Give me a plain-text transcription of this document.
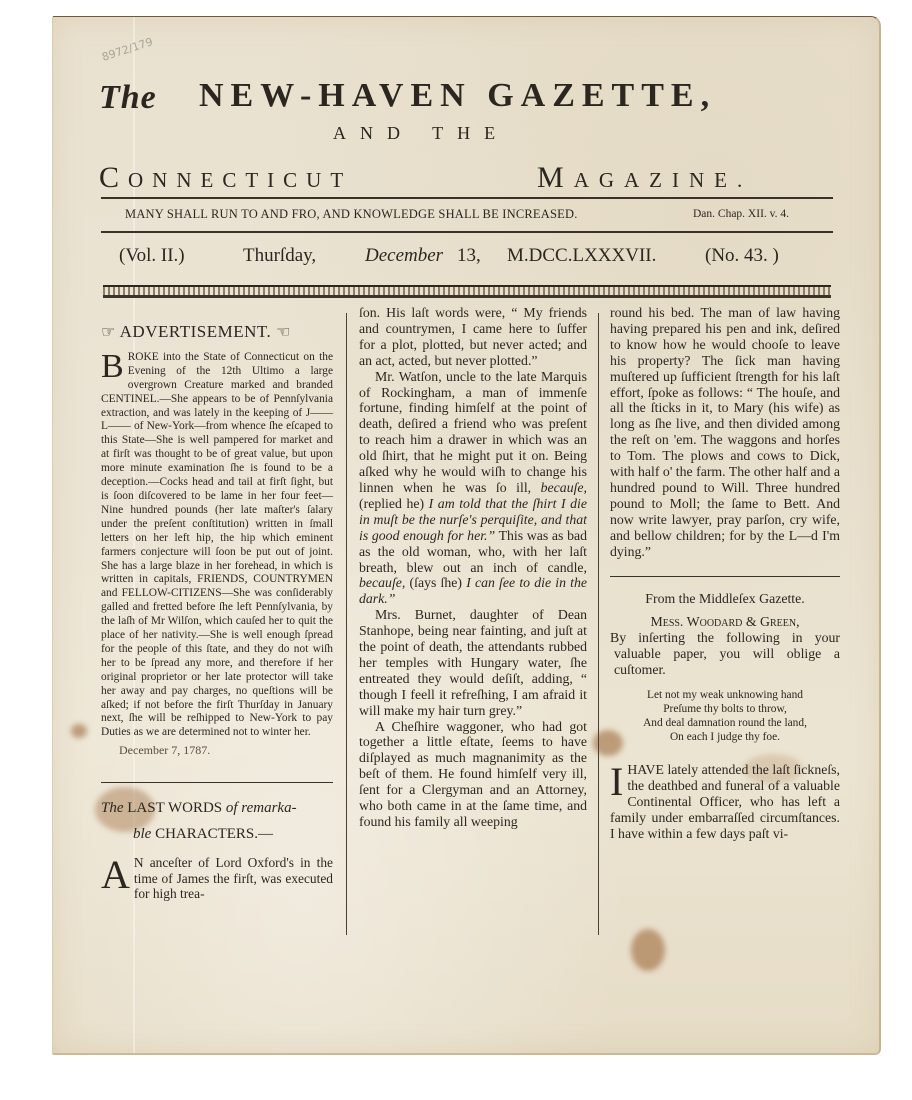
8972/179
The NEW-HAVEN GAZETTE,
AND THE
CONNECTICUT	MAGAZINE.
MANY SHALL RUN TO AND FRO, AND KNOWLEDGE SHALL BE INCREASED.	Dan. Chap. XII. v. 4.
(Vol. II.)	Thurſday,	December 13, M.DCC.LXXXVII.	(No. 43. )
☞ ADVERTISEMENT. ☜

BROKE into the State of Connecticut on the Evening of the 12th Ultimo a large overgrown Creature marked and branded CENTINEL.—She appears to be of Pennſylvania extraction, and was lately in the keeping of J—— L—— of New-York—from whence ſhe eſcaped to this State—She is well pampered for market and at firſt was thought to be of great value, but upon more minute examination ſhe is found to be a deception.—Cocks head and tail at firſt ſight, but is ſoon diſcovered to be lame in her four feet—Nine hundred pounds (her late maſter's ſalary under the preſent conſtitution) written in ſmall letters on her left hip, the hip which eminent farmers conjecture will ſoon be put out of joint. She has a large blaze in her forehead, in which is written in capitals, FRIENDS, COUNTRYMEN and FELLOW-CITIZENS—She was conſiderably galled and fretted before ſhe left Pennſylvania, by the laſh of Mr Wilſon, which cauſed her to quit the place of her nativity.—She is well enough ſpread for the people of this ſtate, and they do not wiſh her to be ſpread any more, and therefore if her original proprietor or her late protector will take her away and pay charges, no queſtions will be aſked; if not before the firſt Thurſday in January next, ſhe will be reſhipped to New-York to pay Duties as we are determined not to winter her.

December 7, 1787.

The LAST WORDS of remarka-
ble CHARACTERS.—

A N anceſter of Lord Oxford's in the time of James the firſt, was executed for high trea-

ſon. His laſt words were, “ My friends and countrymen, I came here to ſuffer for a plot, plotted, but never acted; and an act, acted, but never plotted.”

Mr. Watſon, uncle to the late Marquis of Rockingham, a man of immenſe fortune, finding himſelf at the point of death, deſired a friend who was preſent to reach him a drawer in which was an old ſhirt, that he might put it on. Being aſked why he would wiſh to change his linnen when he was ſo ill, becauſe, (replied he) I am told that the ſhirt I die in muſt be the nurſe's perquiſite, and that is good enough for her.” This was as bad as the old woman, who, with her laſt breath, blew out an inch of candle, becauſe, (ſays ſhe) I can ſee to die in the dark.”

Mrs. Burnet, daughter of Dean Stanhope, being near fainting, and juſt at the point of death, the attendants rubbed her temples with Hungary water, ſhe entreated they would deſiſt, adding, “ though I feell it refreſhing, I am afraid it will make my hair turn grey.”

A Cheſhire waggoner, who had got together a little eſtate, ſeems to have diſplayed as much magnanimity as the beſt of them. He found himſelf very ill, ſent for a Clergyman and an Attorney, who both came in at the ſame time, and found his family all weeping

round his bed. The man of law having having prepared his pen and ink, deſired to know how he would chooſe to leave his property? The ſick man having muſtered up ſufficient ſtrength for his laſt effort, ſpoke as follows: “ The houſe, and all the ſticks in it, to Mary (his wife) as long as ſhe live, and then divided among the reſt on 'em. The waggons and horſes to Tom. The plows and cows to Dick, with half o' the farm. The other half and a hundred pound to Will. Three hundred pound to Moll; the ſame to Bett. And now write lawyer, pray parſon, cry wife, and bellow children; for by the L—d I'm dying.”

From the Middleſex Gazette.

Meſſ. Woodard & Green,

By inſerting the following in your valuable paper, you will oblige a cuſtomer.

Let not my weak unknowing hand
Preſume thy bolts to throw,
And deal damnation round the land,
On each I judge thy foe.

IHAVE lately attended the laſt ſickneſs, the deathbed and funeral of a valuable Continental Officer, who has left a family under embarraſſed circumſtances. I have within a few days paſt vi-
